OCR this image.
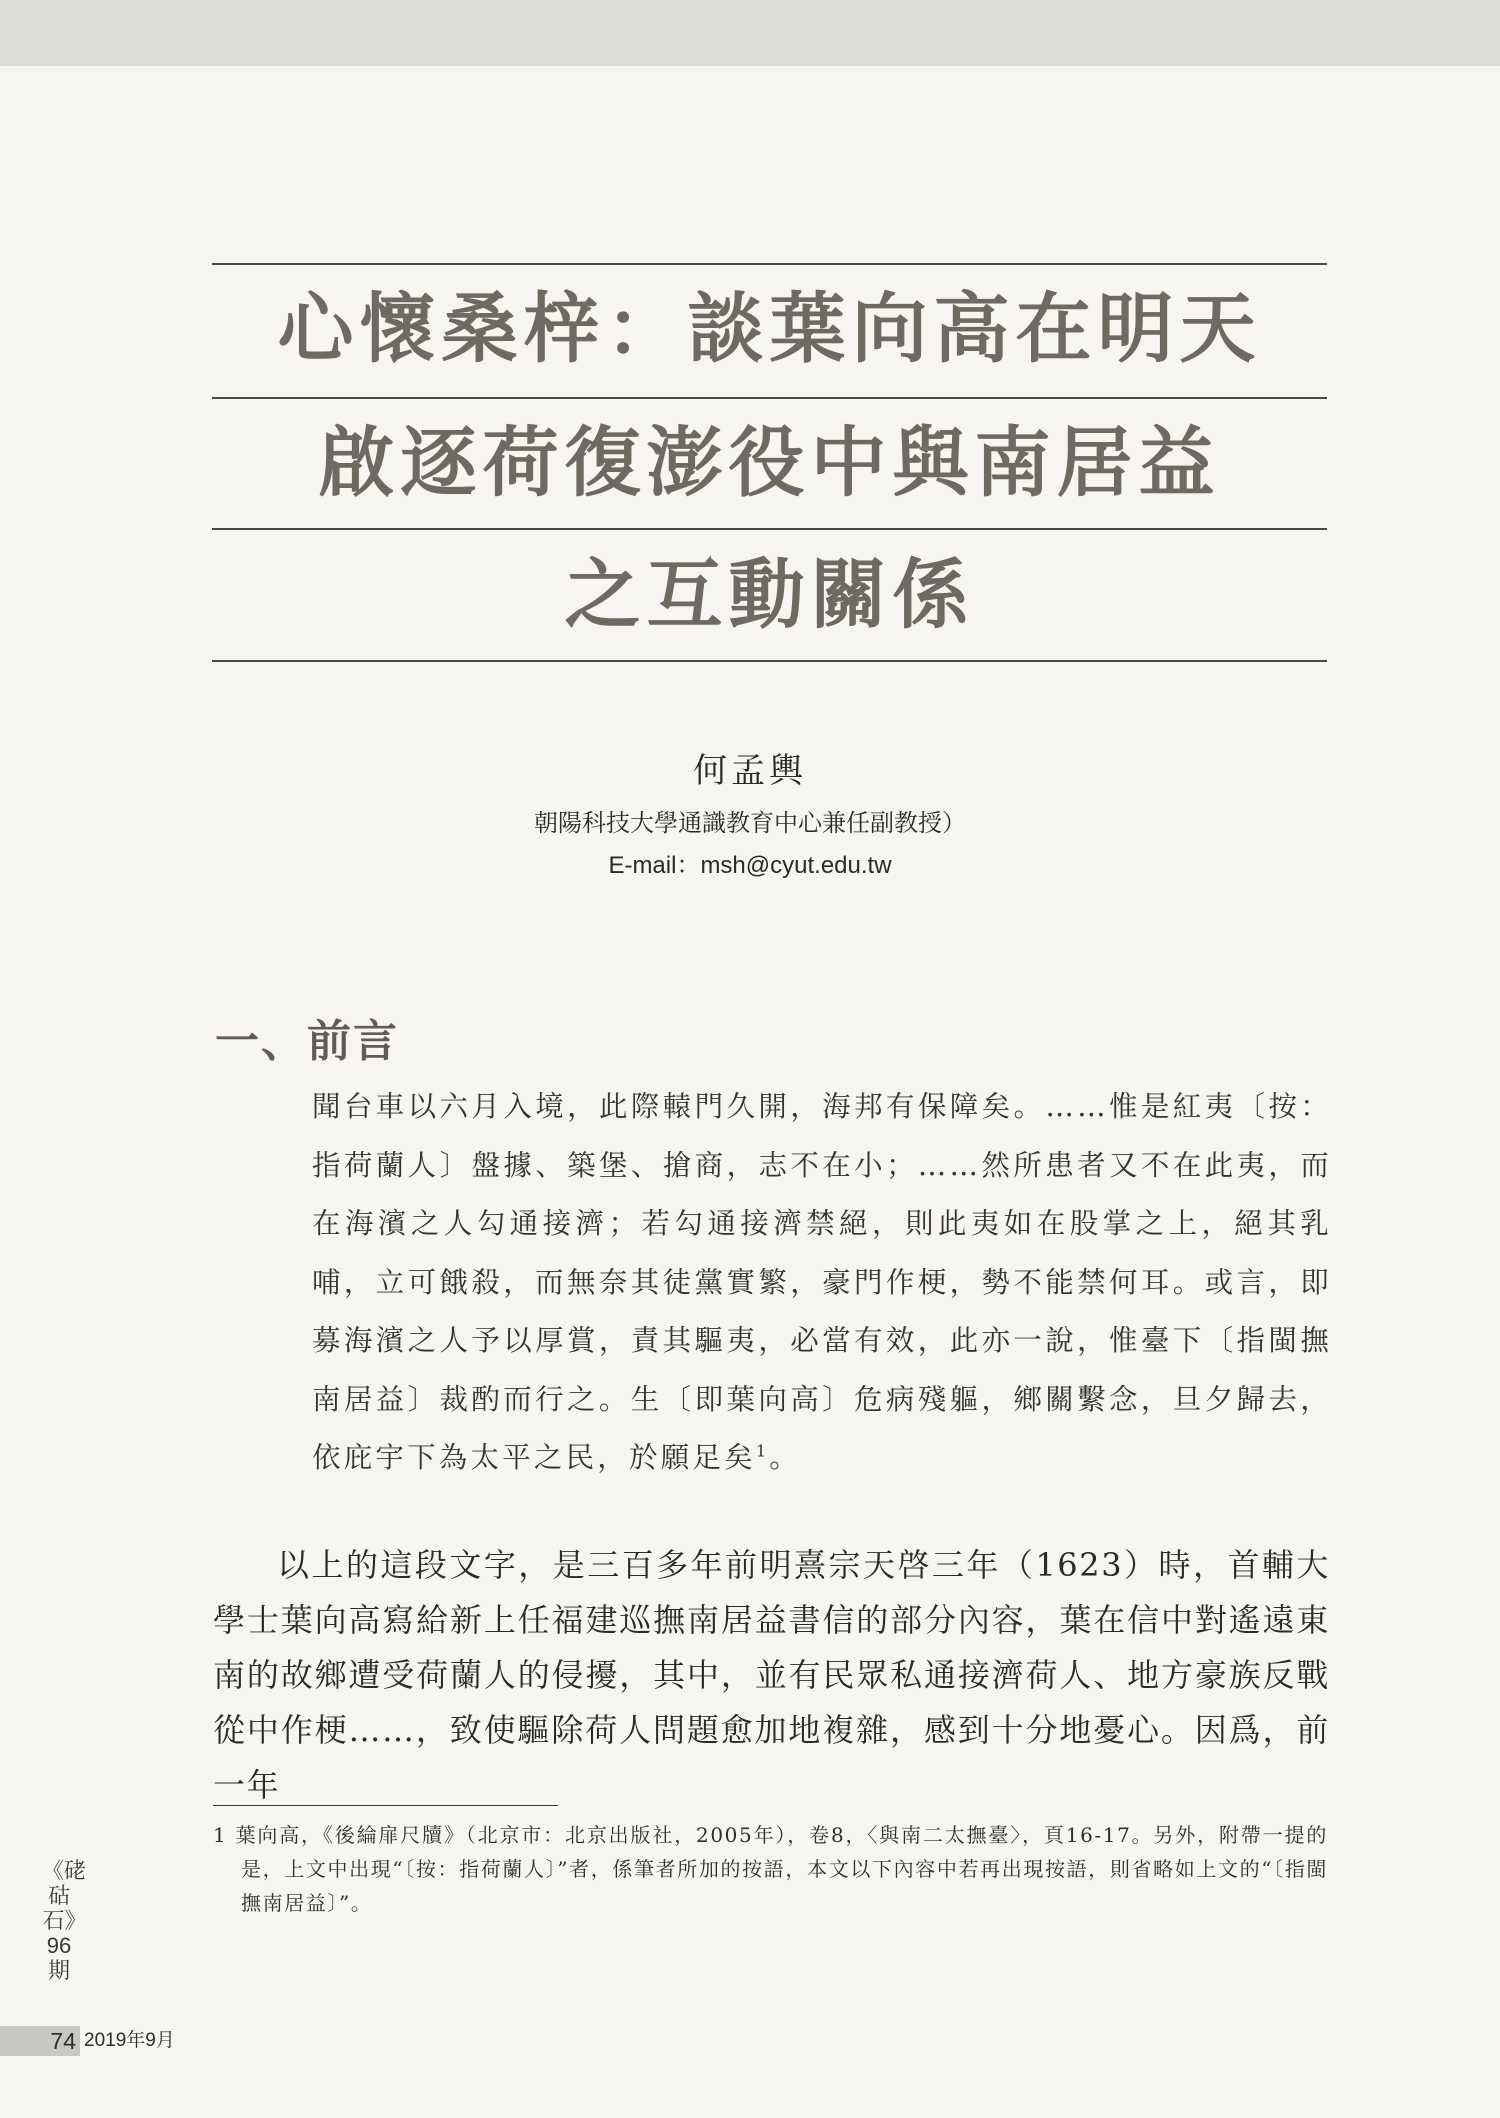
心懷桑梓：談葉向高在明天
啟逐荷復澎役中與南居益
之互動關係
何孟輿
朝陽科技大學通識教育中心兼任副教授）
E-mail：msh@cyut.edu.tw
一、前言
聞台車以六月入境，此際轅門久開，海邦有保障矣。……惟是紅夷〔按：指荷蘭人〕盤據、築堡、搶商，志不在小；……然所患者又不在此夷，而在海濱之人勾通接濟；若勾通接濟禁絕，則此夷如在股掌之上，絕其乳哺，立可餓殺，而無奈其徒黨實繁，豪門作梗，勢不能禁何耳。或言，即募海濱之人予以厚賞，責其驅夷，必當有效，此亦一說，惟臺下〔指閩撫南居益〕裁酌而行之。生〔即葉向高〕危病殘軀，鄉關繫念，旦夕歸去，依庇宇下為太平之民，於願足矣$^1$。
以上的這段文字，是三百多年前明熹宗天啓三年（1623）時，首輔大學士葉向高寫給新上任福建巡撫南居益書信的部分內容，葉在信中對遙遠東南的故鄉遭受荷蘭人的侵擾，其中，並有民眾私通接濟荷人、地方豪族反戰從中作梗……，致使驅除荷人問題愈加地複雜，感到十分地憂心。因爲，前一年
1 葉向高，《後綸扉尺牘》（北京市：北京出版社，2005年），卷8，〈與南二太撫臺〉，頁16-17。另外，附帶一提的是，上文中出現“〔按：指荷蘭人〕”者，係筆者所加的按語，本文以下內容中若再出現按語，則省略如上文的“〔指閩撫南居益〕”。
《硓𥑮石》96期
74 2019年9月
